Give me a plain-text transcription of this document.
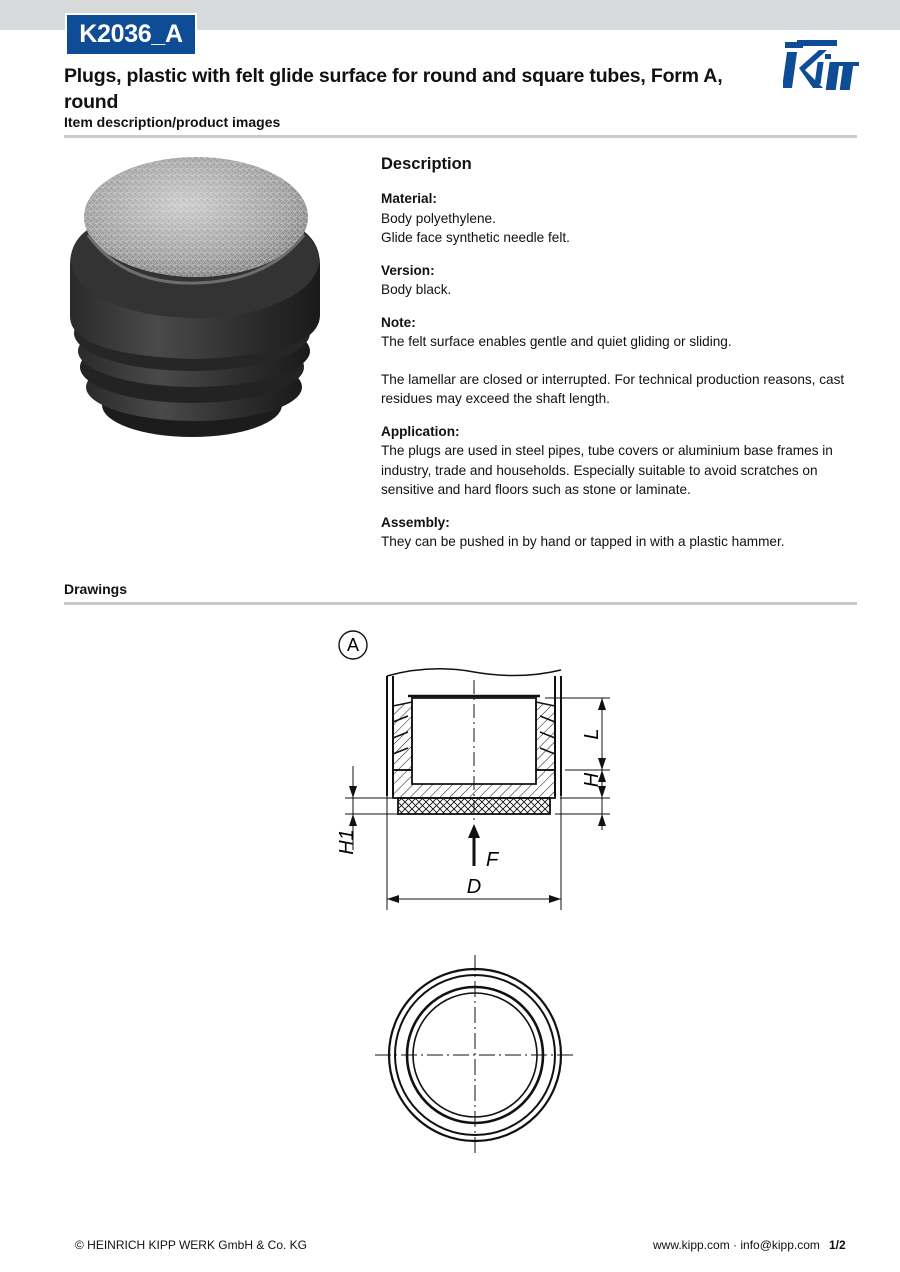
K2036_A
Plugs, plastic with felt glide surface for round and square tubes, Form A, round
Item description/product images
Description
Material:
Body polyethylene.
Glide face synthetic needle felt.
Version:
Body black.
Note:
The felt surface enables gentle and quiet gliding or sliding.
The lamellar are closed or interrupted. For technical production reasons, cast residues may exceed the shaft length.
Application:
The plugs are used in steel pipes, tube covers or aluminium base frames in industry, trade and households. Especially suitable to avoid scratches on sensitive and hard floors such as stone or laminate.
Assembly:
They can be pushed in by hand or tapped in with a plastic hammer.
Drawings
A
L
H
H1
F
D
© HEINRICH KIPP WERK GmbH & Co. KG	www.kipp.com · info@kipp.com 1/2
